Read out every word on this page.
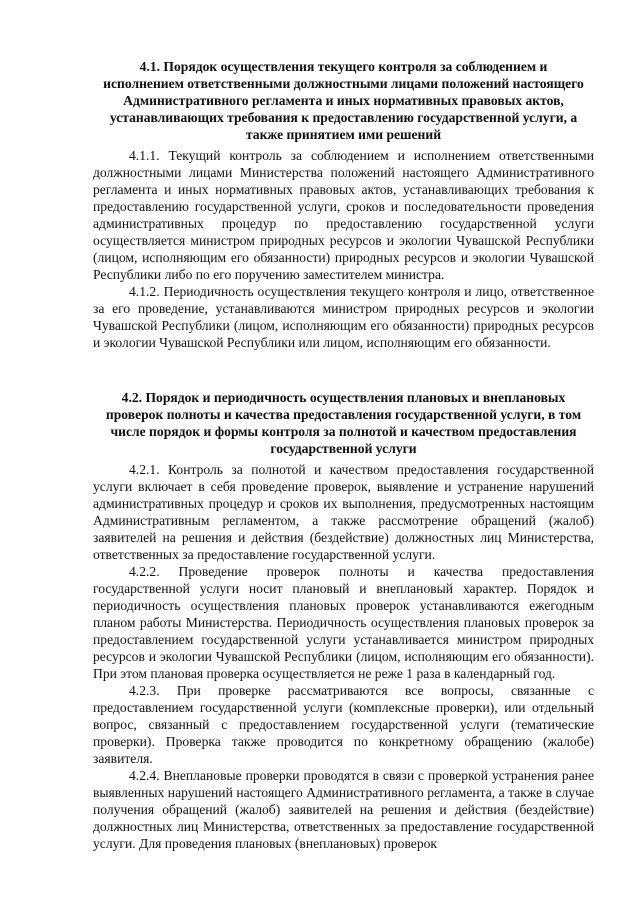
4.1. Порядок осуществления текущего контроля за соблюдением и
исполнением ответственными должностными лицами положений настоящего
Административного регламента и иных нормативных правовых актов,
устанавливающих требования к предоставлению государственной услуги, а
также принятием ими решений

4.1.1. Текущий контроль за соблюдением и исполнением ответственными должностными лицами Министерства положений настоящего Административного регламента и иных нормативных правовых актов, устанавливающих требования к предоставлению государственной услуги, сроков и последовательности проведения административных процедур по предоставлению государственной услуги осуществляется министром природных ресурсов и экологии Чувашской Республики (лицом, исполняющим его обязанности) природных ресурсов и экологии Чувашской Республики либо по его поручению заместителем министра.

4.1.2. Периодичность осуществления текущего контроля и лицо, ответственное за его проведение, устанавливаются министром природных ресурсов и экологии Чувашской Республики (лицом, исполняющим его обязанности) природных ресурсов и экологии Чувашской Республики или лицом, исполняющим его обязанности.

4.2. Порядок и периодичность осуществления плановых и внеплановых
проверок полноты и качества предоставления государственной услуги, в том
числе порядок и формы контроля за полнотой и качеством предоставления
государственной услуги

4.2.1. Контроль за полнотой и качеством предоставления государственной услуги включает в себя проведение проверок, выявление и устранение нарушений административных процедур и сроков их выполнения, предусмотренных настоящим Административным регламентом, а также рассмотрение обращений (жалоб) заявителей на решения и действия (бездействие) должностных лиц Министерства, ответственных за предоставление государственной услуги.

4.2.2. Проведение проверок полноты и качества предоставления государственной услуги носит плановый и внеплановый характер. Порядок и периодичность осуществления плановых проверок устанавливаются ежегодным планом работы Министерства. Периодичность осуществления плановых проверок за предоставлением государственной услуги устанавливается министром природных ресурсов и экологии Чувашской Республики (лицом, исполняющим его обязанности). При этом плановая проверка осуществляется не реже 1 раза в календарный год.

4.2.3. При проверке рассматриваются все вопросы, связанные с предоставлением государственной услуги (комплексные проверки), или отдельный вопрос, связанный с предоставлением государственной услуги (тематические проверки). Проверка также проводится по конкретному обращению (жалобе) заявителя.

4.2.4. Внеплановые проверки проводятся в связи с проверкой устранения ранее выявленных нарушений настоящего Административного регламента, а также в случае получения обращений (жалоб) заявителей на решения и действия (бездействие) должностных лиц Министерства, ответственных за предоставление государственной услуги. Для проведения плановых (внеплановых) проверок
